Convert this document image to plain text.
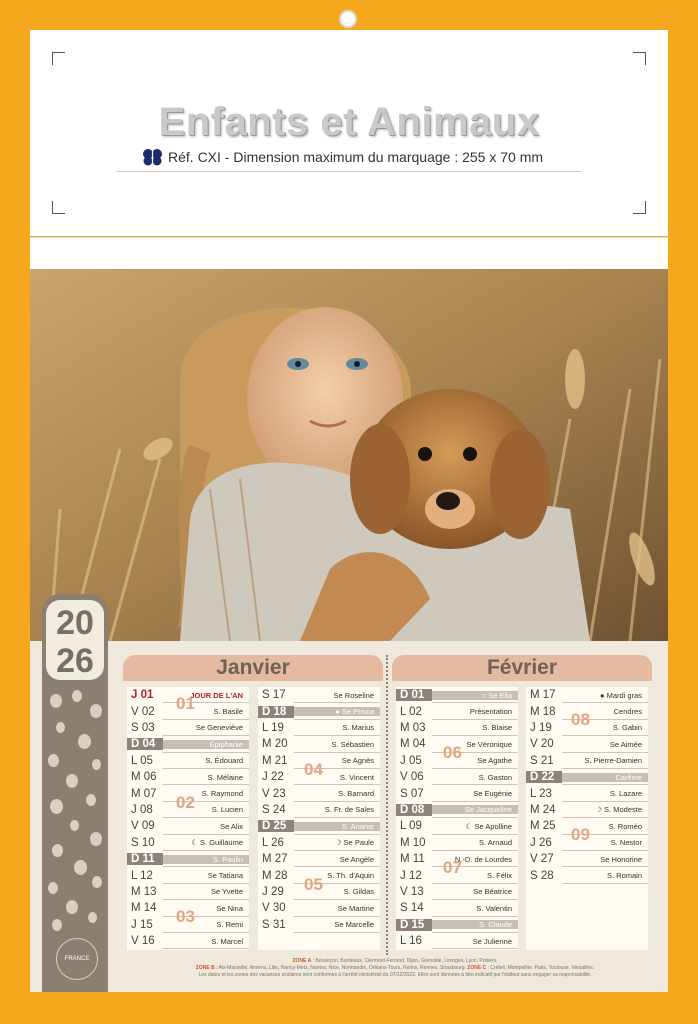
Enfants et Animaux
Réf. CXI - Dimension maximum du marquage : 255 x 70 mm
20
26
FRANCE
Janvier	Février
J 01	JOUR DE L'AN
V 02	S. Basile
S 03	Se Geneviève
D 04	Épiphanie
L 05	S. Édouard
M 06	S. Mélaine
M 07	S. Raymond
J 08	S. Lucien
V 09	Se Alix
S 10	☾ S. Guillaume
D 11	S. Paulin
L 12	Se Tatiana
M 13	Se Yvette
M 14	Se Nina
J 15	S. Remi
V 16	S. Marcel
S 17	Se Roseline
D 18	● Se Prisca
L 19	S. Marius
M 20	S. Sébastien
M 21	Se Agnès
J 22	S. Vincent
V 23	S. Barnard
S 24	S. Fr. de Sales
D 25	S. Ananie
L 26	☽ Se Paule
M 27	Se Angèle
M 28	S. Th. d'Aquin
J 29	S. Gildas
V 30	Se Martine
S 31	Se Marcelle
D 01	○ Se Ella
L 02	Présentation
M 03	S. Blaise
M 04	Se Véronique
J 05	Se Agathe
V 06	S. Gaston
S 07	Se Eugénie
D 08	Se Jacqueline
L 09	☾ Se Apolline
M 10	S. Arnaud
M 11	N.-D. de Lourdes
J 12	S. Félix
V 13	Se Béatrice
S 14	S. Valentin
D 15	S. Claude
L 16	Se Julienne
M 17	● Mardi gras
M 18	Cendres
J 19	S. Gabin
V 20	Se Aimée
S 21	S. Pierre-Damien
D 22	Carême
L 23	S. Lazare
M 24	☽ S. Modeste
M 25	S. Roméo
J 26	S. Nestor
V 27	Se Honorine
S 28	S. Romain
01
02
03
04
05
06
07
08
09
ZONE A : Besançon, Bordeaux, Clermont-Ferrand, Dijon, Grenoble, Limoges, Lyon, Poitiers.
ZONE B : Aix-Marseille, Amiens, Lille, Nancy-Metz, Nantes, Nice, Normandie, Orléans-Tours, Reims, Rennes, Strasbourg. ZONE C : Créteil, Montpellier, Paris, Toulouse, Versailles.
Les dates et les zones des vacances scolaires sont conformes à l'arrêté ministériel du 07/12/2022. Elles sont données à titre indicatif par l'éditeur sans engager sa responsabilité.
